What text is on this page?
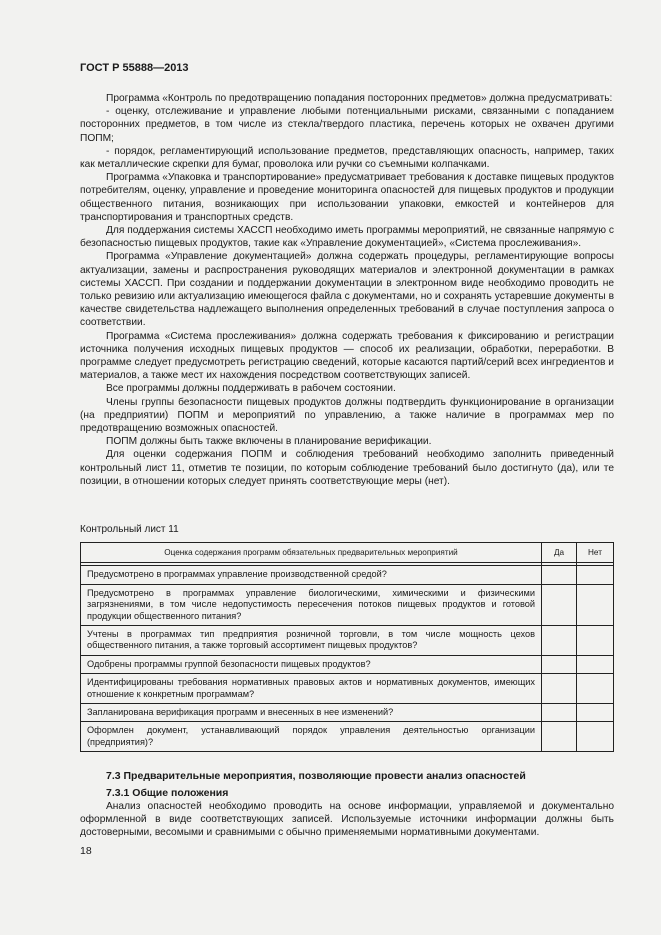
ГОСТ Р 55888—2013

Программа «Контроль по предотвращению попадания посторонних предметов» должна предусматривать:

- оценку, отслеживание и управление любыми потенциальными рисками, связанными с попаданием посторонних предметов, в том числе из стекла/твердого пластика, перечень которых не охвачен другими ПОПМ;

- порядок, регламентирующий использование предметов, представляющих опасность, например, таких как металлические скрепки для бумаг, проволока или ручки со съемными колпачками.

Программа «Упаковка и транспортирование» предусматривает требования к доставке пищевых продуктов потребителям, оценку, управление и проведение мониторинга опасностей для пищевых продуктов и продукции общественного питания, возникающих при использовании упаковки, емкостей и контейнеров для транспортирования и транспортных средств.

Для поддержания системы ХАССП необходимо иметь программы мероприятий, не связанные напрямую с безопасностью пищевых продуктов, такие как «Управление документацией», «Система прослеживания».

Программа «Управление документацией» должна содержать процедуры, регламентирующие вопросы актуализации, замены и распространения руководящих материалов и электронной документации в рамках системы ХАССП. При создании и поддержании документации в электронном виде необходимо проводить не только ревизию или актуализацию имеющегося файла с документами, но и сохранять устаревшие документы в качестве свидетельства надлежащего выполнения определенных требований в случае поступления запроса о соответствии.

Программа «Система прослеживания» должна содержать требования к фиксированию и регистрации источника получения исходных пищевых продуктов — способ их реализации, обработки, переработки. В программе следует предусмотреть регистрацию сведений, которые касаются партий/серий всех ингредиентов и материалов, а также мест их нахождения посредством соответствующих записей.

Все программы должны поддерживать в рабочем состоянии.

Члены группы безопасности пищевых продуктов должны подтвердить функционирование в организации (на предприятии) ПОПМ и мероприятий по управлению, а также наличие в программах мер по предотвращению возможных опасностей.

ПОПМ должны быть также включены в планирование верификации.

Для оценки содержания ПОПМ и соблюдения требований необходимо заполнить приведенный контрольный лист 11, отметив те позиции, по которым соблюдение требований было достигнуто (да), или те позиции, в отношении которых следует принять соответствующие меры (нет).

Контрольный лист 11
Оценка содержания программ обязательных предварительных мероприятий	Да	Нет

Предусмотрено в программах управление производственной средой?		
Предусмотрено в программах управление биологическими, химическими и физическими загрязнениями, в том числе недопустимость пересечения потоков пищевых продуктов и готовой продукции общественного питания?		
Учтены в программах тип предприятия розничной торговли, в том числе мощность цехов общественного питания, а также торговый ассортимент пищевых продуктов?		
Одобрены программы группой безопасности пищевых продуктов?		
Идентифицированы требования нормативных правовых актов и нормативных документов, имеющих отношение к конкретным программам?		
Запланирована верификация программ и внесенных в нее изменений?		
Оформлен документ, устанавливающий порядок управления деятельностью организации (предприятия)?		
7.3 Предварительные мероприятия, позволяющие провести анализ опасностей
7.3.1 Общие положения

Анализ опасностей необходимо проводить на основе информации, управляемой и документально оформленной в виде соответствующих записей. Используемые источники информации должны быть достоверными, весомыми и сравнимыми с обычно применяемыми нормативными документами.

18
